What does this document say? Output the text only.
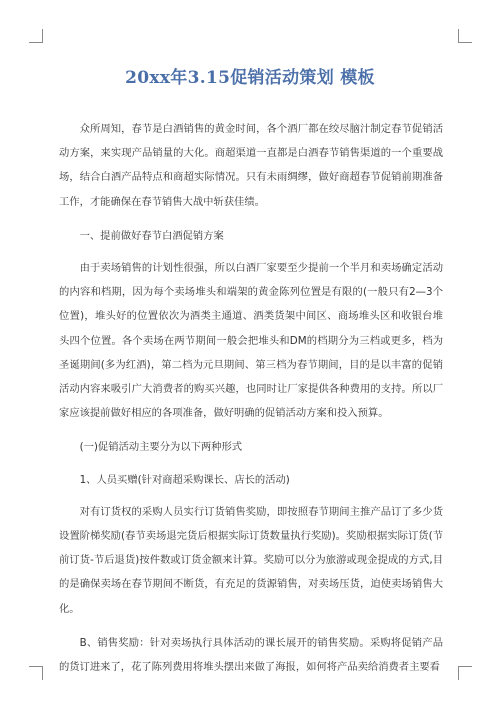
20xx年3.15促销活动策划 模板

众所周知，春节是白酒销售的黄金时间，各个酒厂都在绞尽脑汁制定春节促销活动方案，来实现产品销量的大化。商超渠道一直都是白酒春节销售渠道的一个重要战场，结合白酒产品特点和商超实际情况。只有未雨绸缪，做好商超春节促销前期准备工作，才能确保在春节销售大战中斩获佳绩。

一、提前做好春节白酒促销方案

由于卖场销售的计划性很强，所以白酒厂家要至少提前一个半月和卖场确定活动的内容和档期，因为每个卖场堆头和端架的黄金陈列位置是有限的(一般只有2—3个位置)，堆头好的位置依次为酒类主通道、酒类货架中间区、商场堆头区和收银台堆头四个位置。各个卖场在两节期间一般会把堆头和DM的档期分为三档或更多，档为圣诞期间(多为红酒)，第二档为元旦期间、第三档为春节期间，目的是以丰富的促销活动内容来吸引广大消费者的购买兴趣，也同时让厂家提供各种费用的支持。所以厂家应该提前做好相应的各项准备，做好明确的促销活动方案和投入预算。

(一)促销活动主要分为以下两种形式

1、人员买赠(针对商超采购课长、店长的活动)

对有订货权的采购人员实行订货销售奖励，即按照春节期间主推产品订了多少货设置阶梯奖励(春节卖场退完货后根据实际订货数量执行奖励)。奖励根据实际订货(节前订货-节后退货)按件数或订货金额来计算。奖励可以分为旅游或现金提成的方式,目的是确保卖场在春节期间不断货，有充足的货源销售，对卖场压货，迫使卖场销售大化。

B、销售奖励：针对卖场执行具体活动的课长展开的销售奖励。采购将促销产品的货订进来了，花了陈列费用将堆头摆出来做了海报，如何将产品卖给消费者主要看
